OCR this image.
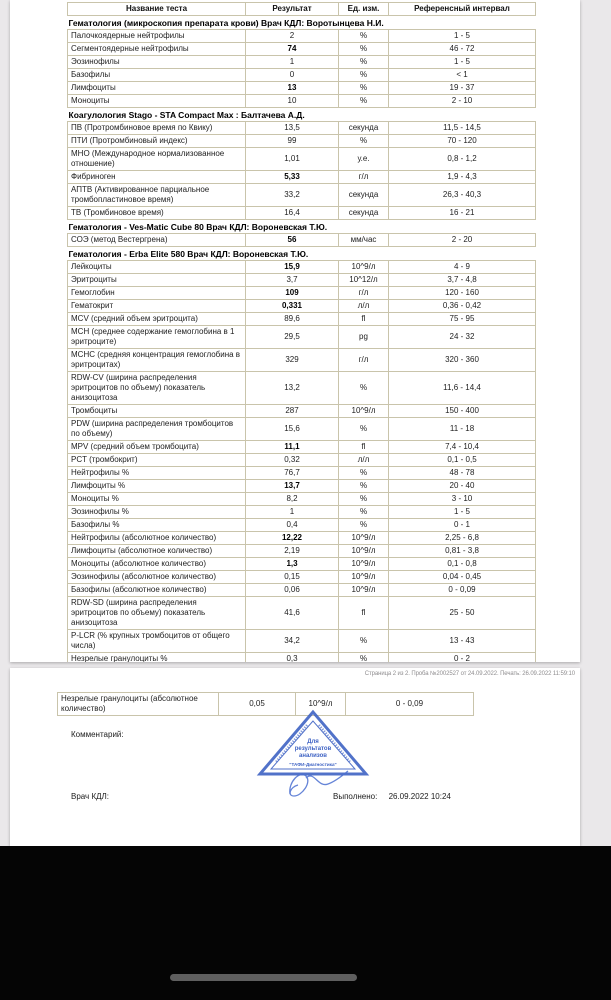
Название теста	Результат	Ед. изм.	Референсный интервал
Гематология (микроскопия препарата крови) Врач КДЛ: Воротынцева Н.И.			
Палочкоядерные нейтрофилы	2	%	1 - 5
Сегментоядерные нейтрофилы	74	%	46 - 72
Эозинофилы	1	%	1 - 5
Базофилы	0	%	< 1
Лимфоциты	13	%	19 - 37
Моноциты	10	%	2 - 10
Коагулология Stago - STA Compact Max : Балтачева А.Д.			
ПВ (Протромбиновое время по Квику)	13,5	секунда	11,5 - 14,5
ПТИ (Протромбиновый индекс)	99	%	70 - 120
МНО (Международное нормализованное отношение)	1,01	у.е.	0,8 - 1,2
Фибриноген	5,33	г/л	1,9 - 4,3
АПТВ (Активированное парциальное тромбопластиновое время)	33,2	секунда	26,3 - 40,3
ТВ (Тромбиновое время)	16,4	секунда	16 - 21
Гематология - Ves-Matic Cube 80 Врач КДЛ: Вороневская Т.Ю.			
СОЭ (метод Вестергрена)	56	мм/час	2 - 20
Гематология - Erba Elite 580 Врач КДЛ: Вороневская Т.Ю.			
Лейкоциты	15,9	10^9/л	4 - 9
Эритроциты	3,7	10^12/л	3,7 - 4,8
Гемоглобин	109	г/л	120 - 160
Гематокрит	0,331	л/л	0,36 - 0,42
MCV (средний объем эритроцита)	89,6	fl	75 - 95
MCH (среднее содержание гемоглобина в 1 эритроците)	29,5	pg	24 - 32
MCHC (средняя концентрация гемоглобина в эритроцитах)	329	г/л	320 - 360
RDW-CV (ширина распределения эритроцитов по объему) показатель анизоцитоза	13,2	%	11,6 - 14,4
Тромбоциты	287	10^9/л	150 - 400
PDW (ширина распределения тромбоцитов по объему)	15,6	%	11 - 18
MPV (средний объем тромбоцита)	11,1	fl	7,4 - 10,4
PCT (тромбокрит)	0,32	л/л	0,1 - 0,5
Нейтрофилы %	76,7	%	48 - 78
Лимфоциты %	13,7	%	20 - 40
Моноциты %	8,2	%	3 - 10
Эозинофилы %	1	%	1 - 5
Базофилы %	0,4	%	0 - 1
Нейтрофилы (абсолютное количество)	12,22	10^9/л	2,25 - 6,8
Лимфоциты (абсолютное количество)	2,19	10^9/л	0,81 - 3,8
Моноциты (абсолютное количество)	1,3	10^9/л	0,1 - 0,8
Эозинофилы (абсолютное количество)	0,15	10^9/л	0,04 - 0,45
Базофилы (абсолютное количество)	0,06	10^9/л	0 - 0,09
RDW-SD (ширина распределения эритроцитов по объему) показатель анизоцитоза	41,6	fl	25 - 50
P-LCR (% крупных тромбоцитов от общего числа)	34,2	%	13 - 43
Незрелые гранулоциты %	0,3	%	0 - 2
Страница 2 из 2. Проба №2002527 от 24.09.2022. Печать: 26.09.2022 11:59:10
Незрелые гранулоциты (абсолютное количество)	0,05	10^9/л	0 - 0,09
Комментарий:
Для
результатов
анализов
"ТАФИ-Диагностика"
Врач КДЛ:	Выполнено: 26.09.2022 10:24
